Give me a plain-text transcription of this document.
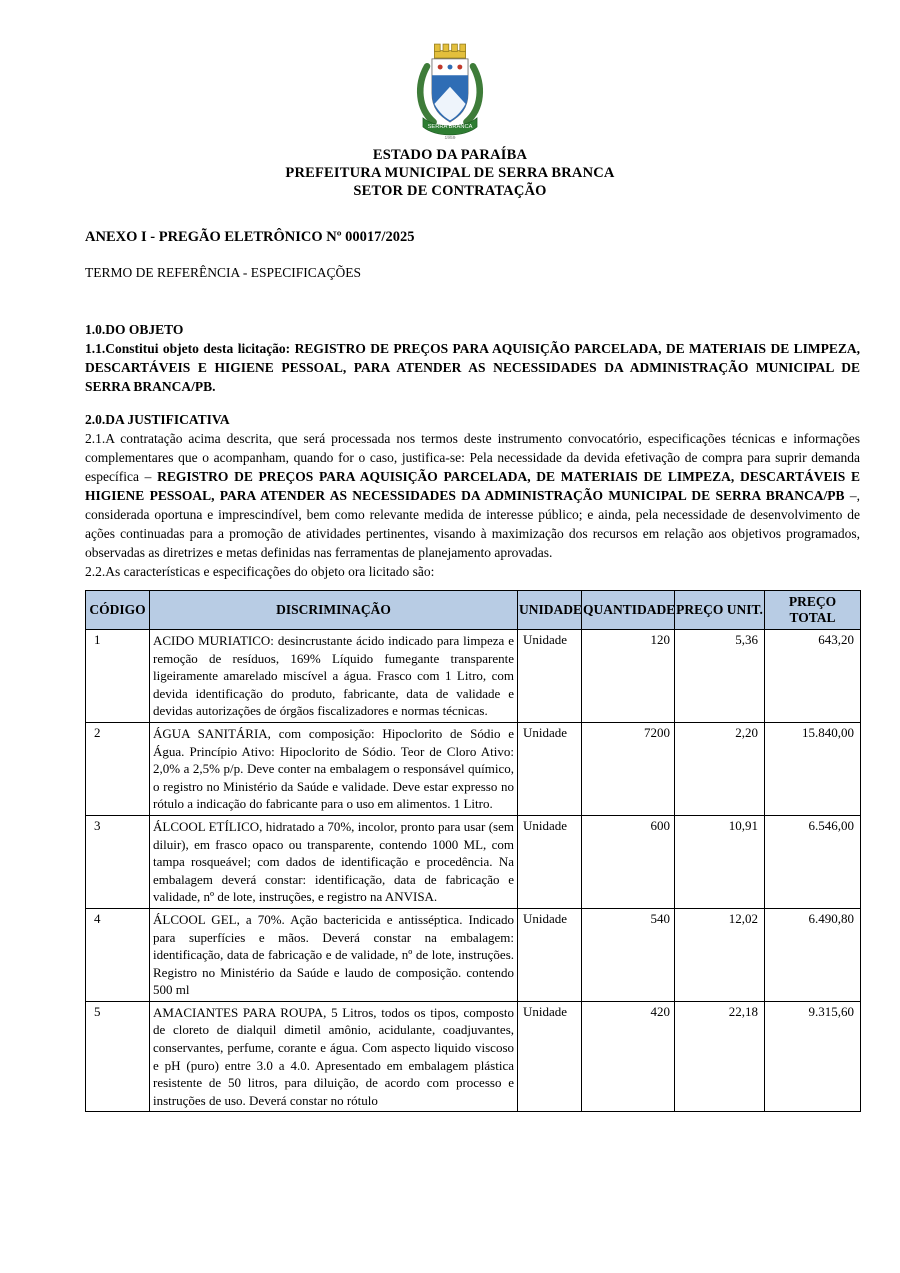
SERRA BRANCA
1959
ESTADO DA PARAÍBA
PREFEITURA MUNICIPAL DE SERRA BRANCA
SETOR DE CONTRATAÇÃO
ANEXO I - PREGÃO ELETRÔNICO Nº 00017/2025
TERMO DE REFERÊNCIA - ESPECIFICAÇÕES
1.0.DO OBJETO
1.1.Constitui objeto desta licitação: REGISTRO DE PREÇOS PARA AQUISIÇÃO PARCELADA, DE MATERIAIS DE LIMPEZA, DESCARTÁVEIS E HIGIENE PESSOAL, PARA ATENDER AS NECESSIDADES DA ADMINISTRAÇÃO MUNICIPAL DE SERRA BRANCA/PB.
2.0.DA JUSTIFICATIVA
2.1.A contratação acima descrita, que será processada nos termos deste instrumento convocatório, especificações técnicas e informações complementares que o acompanham, quando for o caso, justifica-se: Pela necessidade da devida efetivação de compra para suprir demanda específica – REGISTRO DE PREÇOS PARA AQUISIÇÃO PARCELADA, DE MATERIAIS DE LIMPEZA, DESCARTÁVEIS E HIGIENE PESSOAL, PARA ATENDER AS NECESSIDADES DA ADMINISTRAÇÃO MUNICIPAL DE SERRA BRANCA/PB –, considerada oportuna e imprescindível, bem como relevante medida de interesse público; e ainda, pela necessidade de desenvolvimento de ações continuadas para a promoção de atividades pertinentes, visando à maximização dos recursos em relação aos objetivos programados, observadas as diretrizes e metas definidas nas ferramentas de planejamento aprovadas.
2.2.As características e especificações do objeto ora licitado são:
CÓDIGO	DISCRIMINAÇÃO	UNIDADE	QUANTIDADE	PREÇO UNIT.	PREÇO TOTAL
1	ACIDO MURIATICO: desincrustante ácido indicado para limpeza e remoção de resíduos, 169% Líquido fumegante transparente ligeiramente amarelado miscível a água. Frasco com 1 Litro, com devida identificação do produto, fabricante, data de validade e devidas autorizações de órgãos fiscalizadores e normas técnicas.	Unidade	120	5,36	643,20
2	ÁGUA SANITÁRIA, com composição: Hipoclorito de Sódio e Água. Princípio Ativo: Hipoclorito de Sódio. Teor de Cloro Ativo: 2,0% a 2,5% p/p. Deve conter na embalagem o responsável químico, o registro no Ministério da Saúde e validade. Deve estar expresso no rótulo a indicação do fabricante para o uso em alimentos. 1 Litro.	Unidade	7200	2,20	15.840,00
3	ÁLCOOL ETÍLICO, hidratado a 70%, incolor, pronto para usar (sem diluir), em frasco opaco ou transparente, contendo 1000 ML, com tampa rosqueável; com dados de identificação e procedência. Na embalagem deverá constar: identificação, data de fabricação e validade, nº de lote, instruções, e registro na ANVISA.	Unidade	600	10,91	6.546,00
4	ÁLCOOL GEL, a 70%. Ação bactericida e antisséptica. Indicado para superfícies e mãos. Deverá constar na embalagem: identificação, data de fabricação e de validade, nº de lote, instruções. Registro no Ministério da Saúde e laudo de composição. contendo 500 ml	Unidade	540	12,02	6.490,80
5	AMACIANTES PARA ROUPA, 5 Litros, todos os tipos, composto de cloreto de dialquil dimetil amônio, acidulante, coadjuvantes, conservantes, perfume, corante e água. Com aspecto liquido viscoso e pH (puro) entre 3.0 a 4.0. Apresentado em embalagem plástica resistente de 50 litros, para diluição, de acordo com processo e instruções de uso. Deverá constar no rótulo	Unidade	420	22,18	9.315,60
